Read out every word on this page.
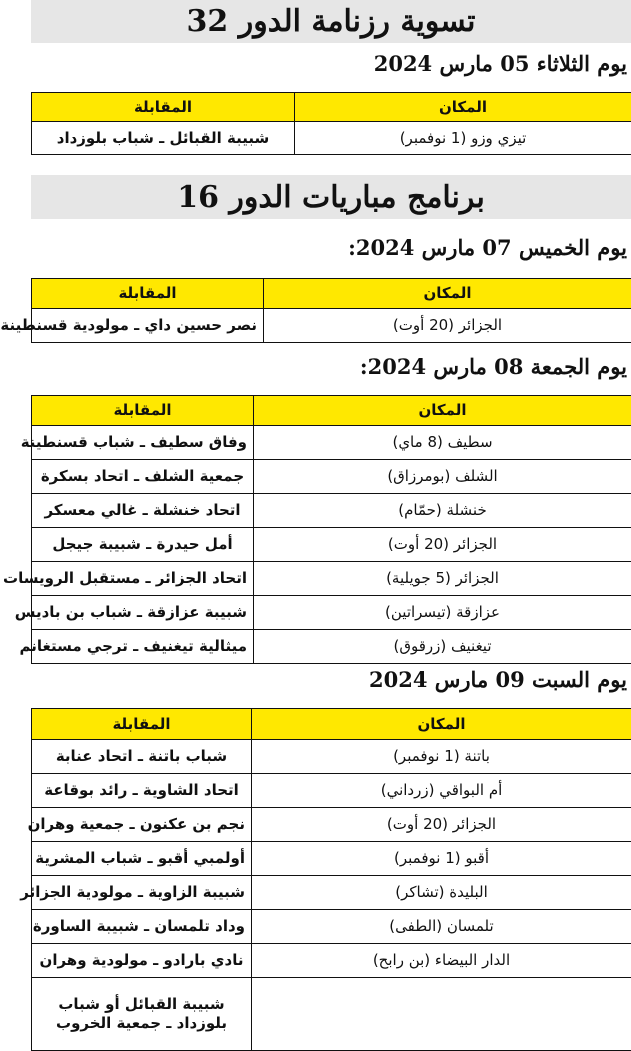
تسوية رزنامة الدور 32
يوم الثلاثاء 05 مارس 2024
المكان	المقابلة
تيزي وزو (1 نوفمبر)	شبيبة القبائل ـ شباب بلوزداد
برنامج مباريات الدور 16
يوم الخميس 07 مارس 2024:
المكان	المقابلة
الجزائر (20 أوت)	نصر حسين داي ـ مولودية قسنطينة
يوم الجمعة 08 مارس 2024:
المكان	المقابلة
سطيف (8 ماي)	وفاق سطيف ـ شباب قسنطينة
الشلف (بومرزاق)	جمعية الشلف ـ اتحاد بسكرة
خنشلة (حمّام)	اتحاد خنشلة ـ غالي معسكر
الجزائر (20 أوت)	أمل حيدرة ـ شبيبة جيجل
الجزائر (5 جويلية)	اتحاد الجزائر ـ مستقبل الرويسات
عزازقة (تيسراتين)	شبيبة عزازقة ـ شباب بن باديس
تيغنيف (زرقوق)	ميثالية تيغنيف ـ ترجي مستغانم
يوم السبت 09 مارس 2024
المكان	المقابلة
باتنة (1 نوفمبر)	شباب باتنة ـ اتحاد عنابة
أم البواقي (زرداني)	اتحاد الشاوية ـ رائد بوقاعة
الجزائر (20 أوت)	نجم بن عكنون ـ جمعية وهران
أقبو (1 نوفمبر)	أولمبي أقبو ـ شباب المشرية
البليدة (تشاكر)	شبيبة الزاوية ـ مولودية الجزائر
تلمسان (الطفى)	وداد تلمسان ـ شبيبة الساورة
الدار البيضاء (بن رابح)	نادي بارادو ـ مولودية وهران
	شبيبة القبائل أو شباب بلوزداد ـ جمعية الخروب
